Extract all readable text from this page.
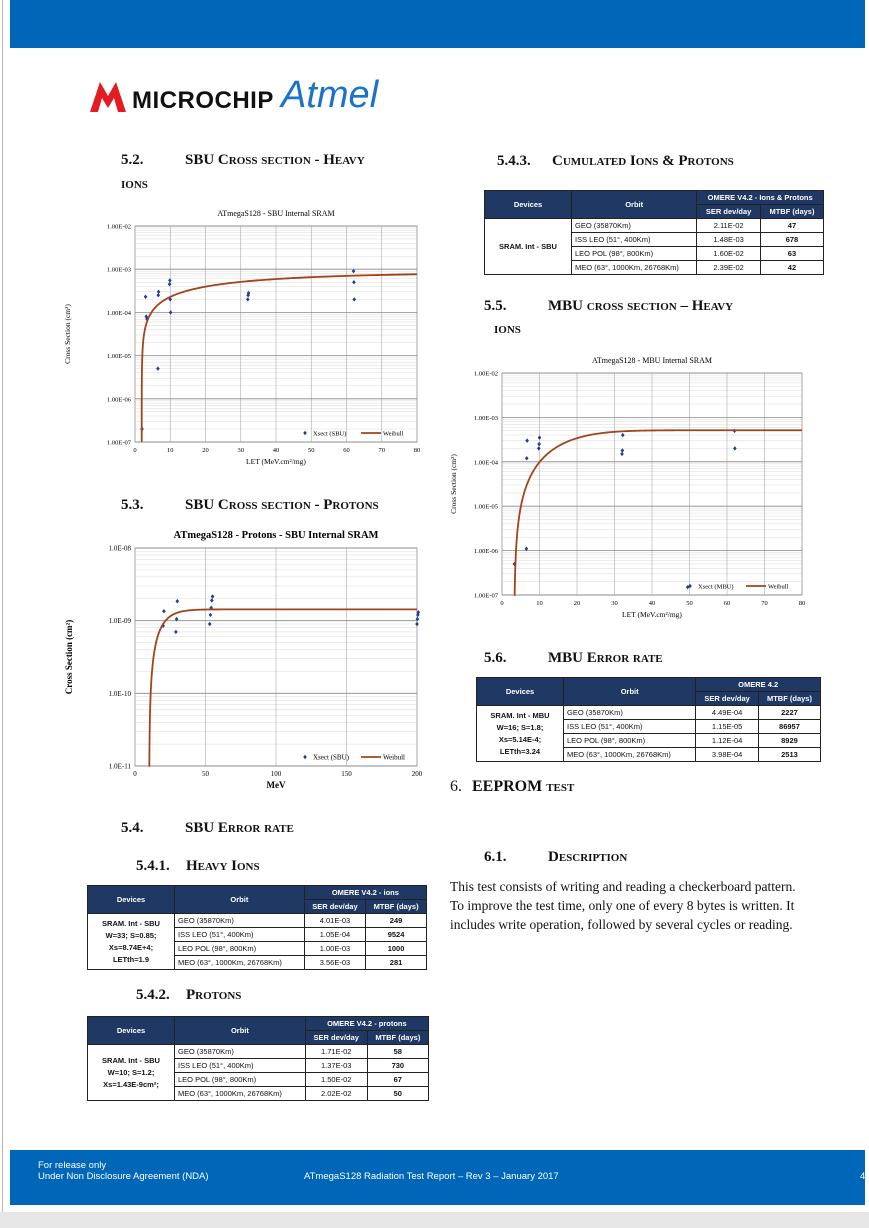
MICROCHIP Atmel
5.2.	SBU Cross section - Heavy
ions
0	10	20	30	40	50	60	70	80
1.00E-07
1.00E-06
1.00E-05
1.00E-04
1.00E-03
1.00E-02
ATmegaS128 - SBU Internal SRAM
LET (MeV.cm²/mg)
Cross Section (cm²)
Xsect (SBU)	Weibull
5.3.	SBU Cross section - Protons
0	50	100	150	200
1.0E-11
1.0E-10
1.0E-09
1.0E-08
ATmegaS128 - Protons - SBU Internal SRAM
MeV
Cross Section (cm²)
Xsect (SBU)	Weibull
5.4.	SBU Error rate
5.4.1. Heavy Ions
Devices	Orbit	OMERE V4.2 - ions	
		SER dev/day	MTBF (days)
SRAM. Int - SBU
W=33; S=0.85; Xs=8.74E+4;
LETth=1.9	GEO (35870Km)	4.01E-03	249
	ISS LEO (51°, 400Km)	1.05E-04	9524
	LEO POL (98°, 800Km)	1.00E-03	1000
	MEO (63°, 1000Km, 26768Km)	3.56E-03	281
5.4.2. Protons
Devices	Orbit	OMERE V4.2 - protons	
		SER dev/day	MTBF (days)
SRAM. Int - SBU
W=10; S=1.2;
Xs=1.43E-9cm²;	GEO (35870Km)	1.71E-02	58
	ISS LEO (51°, 400Km)	1.37E-03	730
	LEO POL (98°, 800Km)	1.50E-02	67
	MEO (63°, 1000Km, 26768Km)	2.02E-02	50
5.4.3. Cumulated Ions & Protons
Devices	Orbit	OMERE V4.2 - Ions & Protons	
		SER dev/day	MTBF (days)
SRAM. Int - SBU	GEO (35870Km)	2.11E-02	47
	ISS LEO (51°, 400Km)	1.48E-03	678
	LEO POL (98°, 800Km)	1.60E-02	63
	MEO (63°, 1000Km, 26768Km)	2.39E-02	42
5.5.	MBU cross section – Heavy
ions
0	10	20	30	40	50	60	70	80
1.00E-07
1.00E-06
1.00E-05
1.00E-04
1.00E-03
1.00E-02
ATmegaS128 - MBU Internal SRAM
LET (MeV.cm²/mg)
Cross Section (cm²)
Xsect (MBU)	Weibull
5.6.	MBU Error rate
Devices	Orbit	OMERE 4.2	
		SER dev/day	MTBF (days)
SRAM. Int - MBU
W=16; S=1.8; Xs=5.14E-4;
LETth=3.24	GEO (35870Km)	4.49E-04	2227
	ISS LEO (51°, 400Km)	1.15E-05	86957
	LEO POL (98°, 800Km)	1.12E-04	8929
	MEO (63°, 1000Km, 26768Km)	3.98E-04	2513
6. EEPROM test
6.1.	Description
This test consists of writing and reading a checkerboard pattern. To improve the test time, only one of every 8 bytes is written. It includes write operation, followed by several cycles or reading.
For release only
Under Non Disclosure Agreement (NDA)	ATmegaS128 Radiation Test Report – Rev 3 – January 2017	4
